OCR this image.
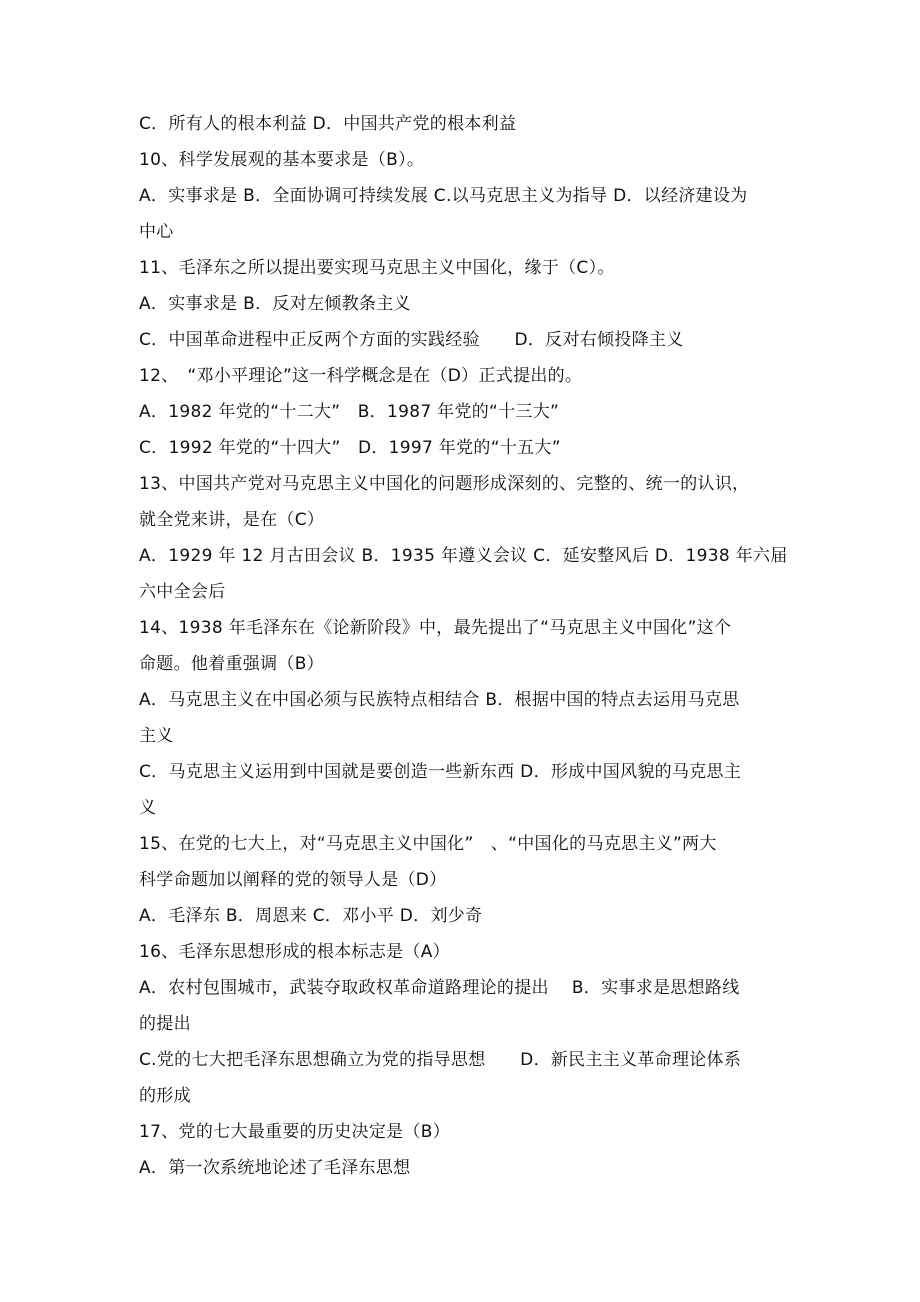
C．所有人的根本利益 D．中国共产党的根本利益
10、科学发展观的基本要求是（B）。
A．实事求是 B．全面协调可持续发展 C.以马克思主义为指导 D．以经济建设为
中心
11、毛泽东之所以提出要实现马克思主义中国化，缘于（C）。
A．实事求是 B．反对左倾教条主义
C．中国革命进程中正反两个方面的实践经验　　D．反对右倾投降主义
12、　“邓小平理论”这一科学概念是在（D）正式提出的。
A．1982 年党的“十二大”　B．1987 年党的“十三大”
C．1992 年党的“十四大”　D．1997 年党的“十五大”
13、中国共产党对马克思主义中国化的问题形成深刻的、完整的、统一的认识，
就全党来讲，是在（C）
A．1929 年 12 月古田会议 B．1935 年遵义会议 C．延安整风后 D．1938 年六届
六中全会后
14、1938 年毛泽东在《论新阶段》中，最先提出了“马克思主义中国化”这个
命题。他着重强调（B）
A．马克思主义在中国必须与民族特点相结合 B．根据中国的特点去运用马克思
主义
C．马克思主义运用到中国就是要创造一些新东西 D．形成中国风貌的马克思主
义
15、在党的七大上，对“马克思主义中国化”　、“中国化的马克思主义”两大
科学命题加以阐释的党的领导人是（D）
A．毛泽东 B．周恩来 C．邓小平 D．刘少奇
16、毛泽东思想形成的根本标志是（A）
A．农村包围城市，武装夺取政权革命道路理论的提出　 B．实事求是思想路线
的提出
C.党的七大把毛泽东思想确立为党的指导思想　　D．新民主主义革命理论体系
的形成
17、党的七大最重要的历史决定是（B）
A．第一次系统地论述了毛泽东思想
